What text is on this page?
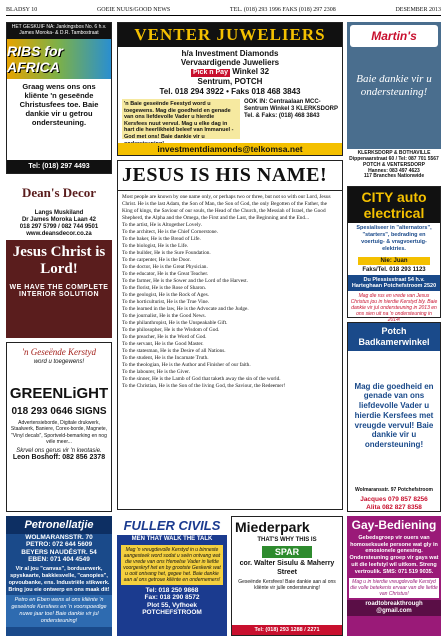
BLADSY 10	GOEIE NUUS/GOOD NEWS	TEL. (018) 293 1996 FAKS (018) 297 2308	DESEMBER 2013
HET GESKUIF NA: Jankingsbos No. 6 h.v. James Moroka- & D.R. Tambostraat
RIBS for AFRICA
Graag wens ons ons kliënte 'n geseënde Christusfees toe. Baie dankie vir u getrou ondersteuning.
Tel: (018) 297 4493
Dean's Decor
Langs Muskiland
Dr James Moroka Laan 42
018 297 5799 / 082 744 9501
www.deansdecor.co.za
Jesus Christ is Lord!
WE HAVE THE COMPLETE INTERIOR SOLUTION
'n Geseënde Kerstyd
word u toegewens!
GREENLiGHT
018 293 0646 SIGNS
Advertensieborde, Digitale drukwerk, Staalwerk, Baniere, Corex-borde, Magnete, "Vinyl decals", Sportveld-bemarking en nog véle meer...
Skrvel ons gerus vir 'n kwotasie.
Leon Boshoff: 082 856 2378
Petronellatjie
WOLMARANSSTR. 70
PETRO: 072 644 5609
BEYERS NAUDÉSTR. 54
EBEN: 071 404 4549
Vir al jou "canvas", borduurwerk, spyskaarte, bakkiesvelle, "canopies", opvoubanke, ens. Industriële stikwerk. Bring jou eie ontwerp en ons maak dit!
Petro en Eben wens al ons kliënte 'n geseënde Kersfees en 'n voorspoedige nuwe jaar toe! Baie dankie vir jul ondersteuning!
VENTER JUWELIERS
h/a Investment Diamonds
Vervaardigende Juweliers
Pick n Pay Winkel 32
Sentrum, POTCH
Tel. 018 294 3922 • Faks 018 468 3843
'n Baie geseënde Feestyd word u toegewens. Mag die goedheid en genade van ons liefdevolle Vader u hierdie Kersfees nuut vervul. Mag u elke dag in hart die heerlikheid beleef van Immanuel - God met ons! Baie dankie vir u
OOK IN: Centraalaan MCC-Sentrum Winkel 3 KLERKSDORP Tel. & Faks: (018) 468 3843
investmentdiamonds@telkomsa.net
JESUS IS HIS NAME!

Most people are known by one name only, or perhaps two or three, but not so with our Lord, Jesus Christ. He is the last Adam, the Son of Man, the Son of God, the only Begotten of the Father, the King of kings, the Saviour of our souls, the Head of the Church, the Messiah of Israel, the Good Shepherd, the Alpha and the Omega, the First and the Last, the Beginning and the End...

To the artist, He is Altogether Lovely.

To the architect, He is the Chief Cornerstone.

To the baker, He is the Bread of Life.

To the biologist, He is the Life.

To the builder, He is the Sure Foundation.

To the carpenter, He is the Door.

To the doctor, He is the Great Physician.

To the educator, He is the Great Teacher.

To the farmer, He is the Sower and the Lord of the Harvest.

To the florist, He is the Rose of Sharon.

To the geologist, He is the Rock of Ages.

To the horticulturist, He is the True Vine.

To the learned in the law, He is the Advocate and the Judge.

To the journalist, He is the Good News.

To the philanthropist, He is the Unspeakable Gift.

To the philosopher, He is the Wisdom of God.

To the preacher, He is the Word of God.

To the servant, He is the Good Master.

To the statesman, He is the Desire of all Nations.

To the student, He is the Incarnate Truth.

To the theologian, He is the Author and Finisher of our faith.

To the labourer, He is the Giver.

To the sinner, He is the Lamb of God that taketh away the sin of the world.

To the Christian, He is the Son of the living God, the Saviour, the Redeemer!

FULLER CIVILS
MEN THAT WALK THE TALK
Mag 'n vreugdevolle Kerstyd in u binneste aangesteek word sodat u seën ontvang wat die vrede van ons Hemelse Vader in liefde voorgeskryf het en by grootste Geskenk wat u ooit ontvang het, gegee het. Baie dankie aan al ons getroue kliënte en ondernemers!
Tel: 018 250 9868
Fax: 018 290 8572
Plot 55, Vyfhoek
POTCHEFSTROOM
Miederpark
THAT'S WHY THIS IS
SPAR
cor. Walter Sisulu & Maherry Street
Geseënde Kersfees! Baie dankie aan al ons kliënte vir julle ondersteuning!
Tel: (018) 293 1288 / 2271
Martin's
Baie dankie vir u ondersteuning!
KLERKSDORP & BOTHAVILLE
Dippenaarstraat 60 / Tel: 087 701 5567
POTCH & VENTERSDORP
Hannes: 083 497 4623
117 Branches Nationwide
CITY auto electrical
Spesialiseer in "alternators", "starters", bedrading en voertuig- & vragvoertuig-elektries.
Nie: Juan
Faks/Tel. 018 293 1123
Du Plessisstraat 54 h.v. Harteghaan Potchefstroom 2520
Mag die rus en vrede van Jesus Christus jou in hierdie Kerstyd bly. Baie dankie vir jul ondersteuning in 2013 en ons sien uit na 'n ondersteuning in 2014!
Potch Badkamerwinkel
Mag die goedheid en genade van ons liefdevolle Vader u hierdie Kersfees met vreugde vervul! Baie dankie vir u ondersteuning!
Wolmaransstr. 97 Potchefstroom
Jacques 079 857 8256
Alita 082 827 8358
Gay-Bediening
Gebedsgroep vir ouers van homoseksuele persone wat gly in emosionele genesing. Ondersteuning groep vir gays wat uit die leefstyl wil uitkom. Streng vertroulik. SMS: 071 519 9035.
Mag u in hierdie vreugdevolle Kerstyd die volle betekenis ervaar van die liefde van Christus!
roadtobreakthrough
@gmail.com
